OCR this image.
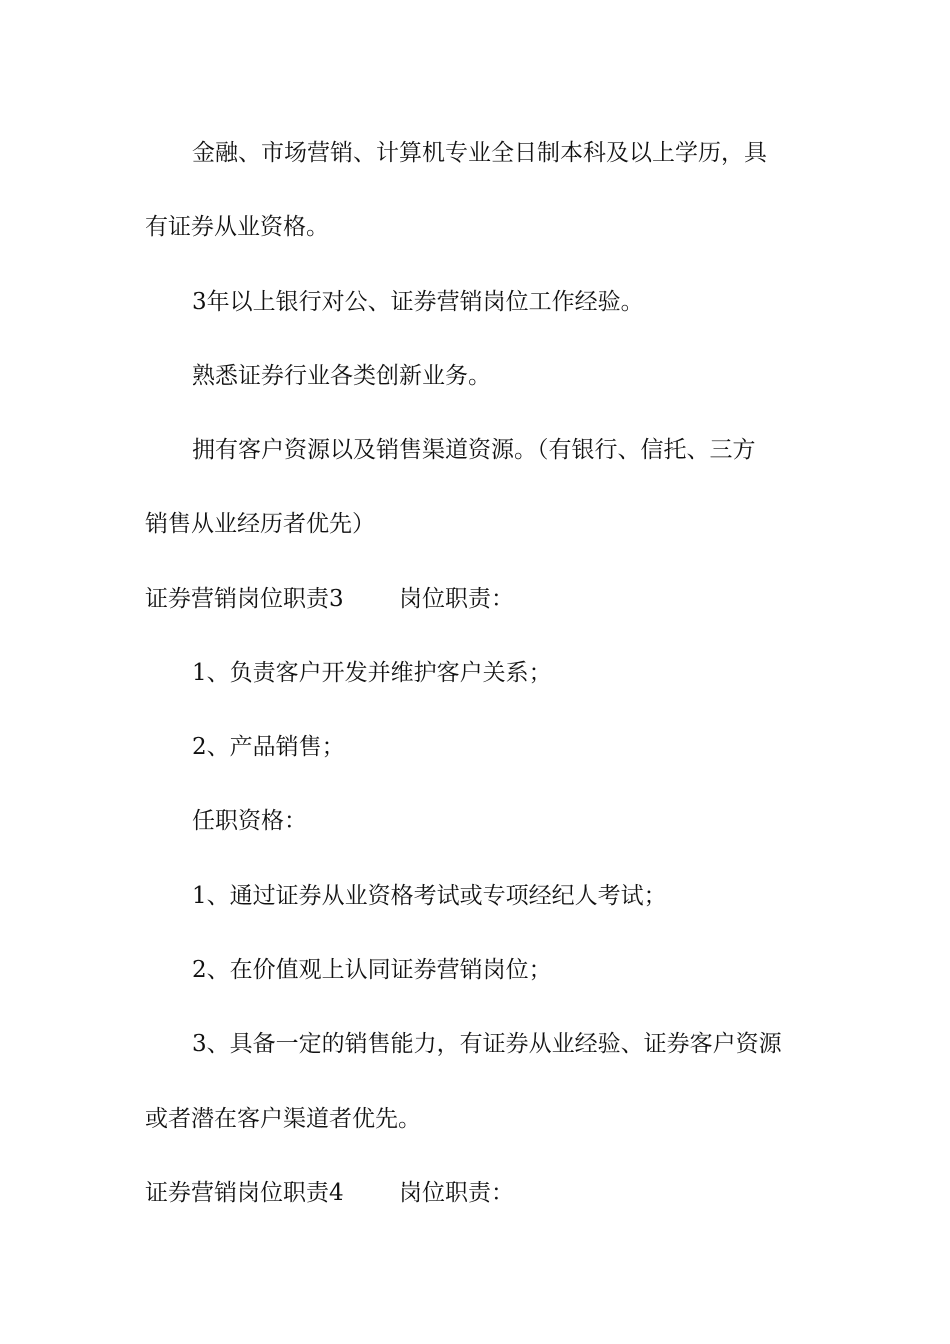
金融、市场营销、计算机专业全日制本科及以上学历，具
有证券从业资格。
3年以上银行对公、证券营销岗位工作经验。
熟悉证券行业各类创新业务。
拥有客户资源以及销售渠道资源。（有银行、信托、三方
销售从业经历者优先）
证券营销岗位职责3 岗位职责：
1、负责客户开发并维护客户关系；
2、产品销售；
任职资格：
1、通过证券从业资格考试或专项经纪人考试；
2、在价值观上认同证券营销岗位；
3、具备一定的销售能力，有证券从业经验、证券客户资源
或者潜在客户渠道者优先。
证券营销岗位职责4 岗位职责：
